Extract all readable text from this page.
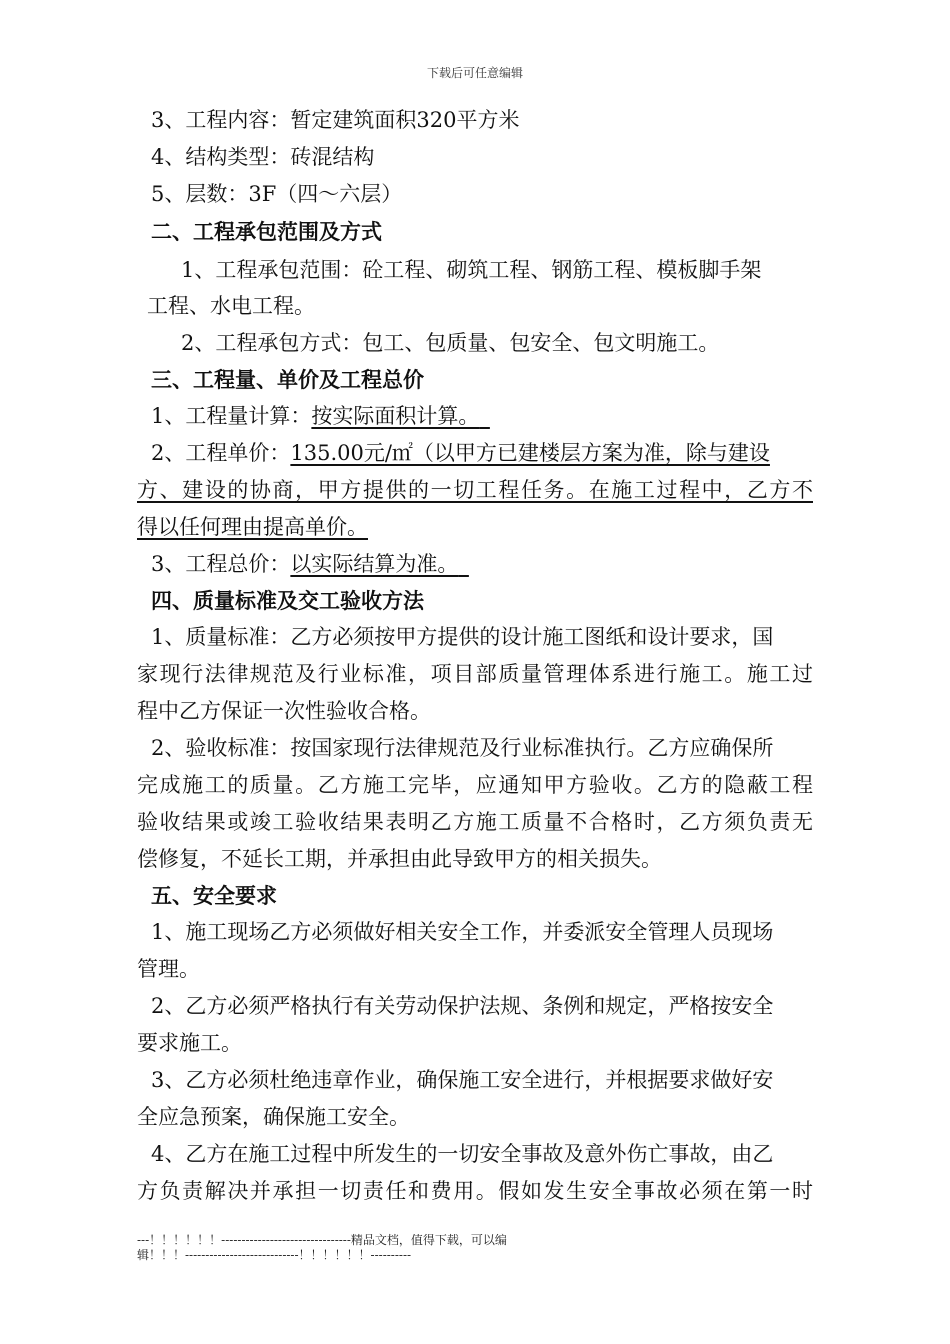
下载后可任意编辑
3、工程内容：暂定建筑面积320平方米
4、结构类型：砖混结构
5、层数：3F（四～六层）
二、工程承包范围及方式
1、工程承包范围：砼工程、砌筑工程、钢筋工程、模板脚手架
工程、水电工程。
2、工程承包方式：包工、包质量、包安全、包文明施工。
三、工程量、单价及工程总价
1、工程量计算：按实际面积计算。 
2、工程单价：135.00元/㎡（以甲方已建楼层方案为准，除与建设
方、建设的协商，甲方提供的一切工程任务。在施工过程中，乙方不
得以任何理由提高单价。
3、工程总价：以实际结算为准。 
四、质量标准及交工验收方法
1、质量标准：乙方必须按甲方提供的设计施工图纸和设计要求，国
家现行法律规范及行业标准，项目部质量管理体系进行施工。施工过
程中乙方保证一次性验收合格。
2、验收标准：按国家现行法律规范及行业标准执行。乙方应确保所
完成施工的质量。乙方施工完毕，应通知甲方验收。乙方的隐蔽工程
验收结果或竣工验收结果表明乙方施工质量不合格时，乙方须负责无
偿修复，不延长工期，并承担由此导致甲方的相关损失。
五、安全要求
1、施工现场乙方必须做好相关安全工作，并委派安全管理人员现场
管理。
2、乙方必须严格执行有关劳动保护法规、条例和规定，严格按安全
要求施工。
3、乙方必须杜绝违章作业，确保施工安全进行，并根据要求做好安
全应急预案，确保施工安全。
4、乙方在施工过程中所发生的一切安全事故及意外伤亡事故，由乙
方负责解决并承担一切责任和费用。假如发生安全事故必须在第一时
---！！！！！！--------------------------------精品文档，值得下载，可以编
辑！！！----------------------------！！！！！！----------
